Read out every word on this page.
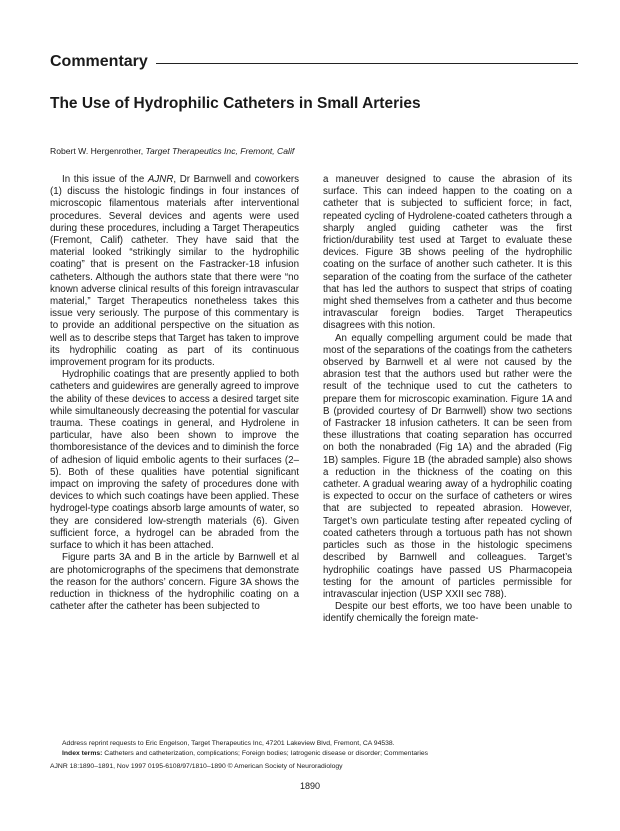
Commentary
The Use of Hydrophilic Catheters in Small Arteries
Robert W. Hergenrother, Target Therapeutics Inc, Fremont, Calif

In this issue of the AJNR, Dr Barnwell and coworkers (1) discuss the histologic findings in four instances of microscopic filamentous materials after interventional procedures. Several devices and agents were used during these procedures, including a Target Therapeutics (Fremont, Calif) catheter. They have said that the material looked “strikingly similar to the hydrophilic coating” that is present on the Fastracker-18 infusion catheters. Although the authors state that there were “no known adverse clinical results of this foreign intravascular material,” Target Therapeutics nonetheless takes this issue very seriously. The purpose of this commentary is to provide an additional perspective on the situation as well as to describe steps that Target has taken to improve its hydrophilic coating as part of its continuous improvement program for its products.

Hydrophilic coatings that are presently applied to both catheters and guidewires are generally agreed to improve the ability of these devices to access a desired target site while simultaneously decreasing the potential for vascular trauma. These coatings in general, and Hydrolene in particular, have also been shown to improve the thomboresistance of the devices and to diminish the force of adhesion of liquid embolic agents to their surfaces (2–5). Both of these qualities have potential significant impact on improving the safety of procedures done with devices to which such coatings have been applied. These hydrogel-type coatings absorb large amounts of water, so they are considered low-strength materials (6). Given sufficient force, a hydrogel can be abraded from the surface to which it has been attached.

Figure parts 3A and B in the article by Barnwell et al are photomicrographs of the specimens that demonstrate the reason for the authors’ concern. Figure 3A shows the reduction in thickness of the hydrophilic coating on a catheter after the catheter has been subjected to

a maneuver designed to cause the abrasion of its surface. This can indeed happen to the coating on a catheter that is subjected to sufficient force; in fact, repeated cycling of Hydrolene-coated catheters through a sharply angled guiding catheter was the first friction/durability test used at Target to evaluate these devices. Figure 3B shows peeling of the hydrophilic coating on the surface of another such catheter. It is this separation of the coating from the surface of the catheter that has led the authors to suspect that strips of coating might shed themselves from a catheter and thus become intravascular foreign bodies. Target Therapeutics disagrees with this notion.

An equally compelling argument could be made that most of the separations of the coatings from the catheters observed by Barnwell et al were not caused by the abrasion test that the authors used but rather were the result of the technique used to cut the catheters to prepare them for microscopic examination. Figure 1A and B (provided courtesy of Dr Barnwell) show two sections of Fastracker 18 infusion catheters. It can be seen from these illustrations that coating separation has occurred on both the nonabraded (Fig 1A) and the abraded (Fig 1B) samples. Figure 1B (the abraded sample) also shows a reduction in the thickness of the coating on this catheter. A gradual wearing away of a hydrophilic coating is expected to occur on the surface of catheters or wires that are subjected to repeated abrasion. However, Target’s own particulate testing after repeated cycling of coated catheters through a tortuous path has not shown particles such as those in the histologic specimens described by Barnwell and colleagues. Target’s hydrophilic coatings have passed US Pharmacopeia testing for the amount of particles permissible for intravascular injection (USP XXII sec 788).

Despite our best efforts, we too have been unable to identify chemically the foreign mate-

Address reprint requests to Eric Engelson, Target Therapeutics Inc, 47201 Lakeview Blvd, Fremont, CA 94538.
Index terms: Catheters and catheterization, complications; Foreign bodies; Iatrogenic disease or disorder; Commentaries
AJNR 18:1890–1891, Nov 1997 0195-6108/97/1810–1890 © American Society of Neuroradiology
1890
